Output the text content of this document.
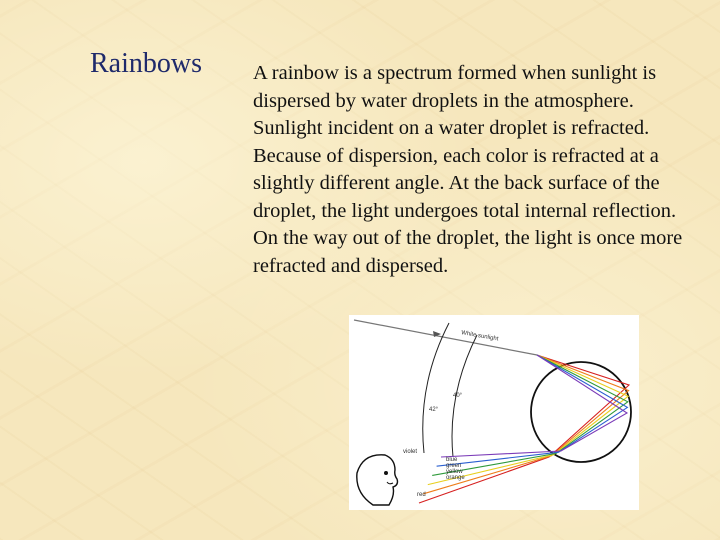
Rainbows A rainbow is a spectrum formed when sunlight is dispersed by water droplets in the atmosphere. Sunlight incident on a water droplet is refracted. Because of dispersion, each color is refracted at a slightly different angle. At the back surface of the droplet, the light undergoes total internal reflection. On the way out of the droplet, the light is once more refracted and dispersed.

White sunlight
42°
40°
violet
blue
green
yellow
orange
red
